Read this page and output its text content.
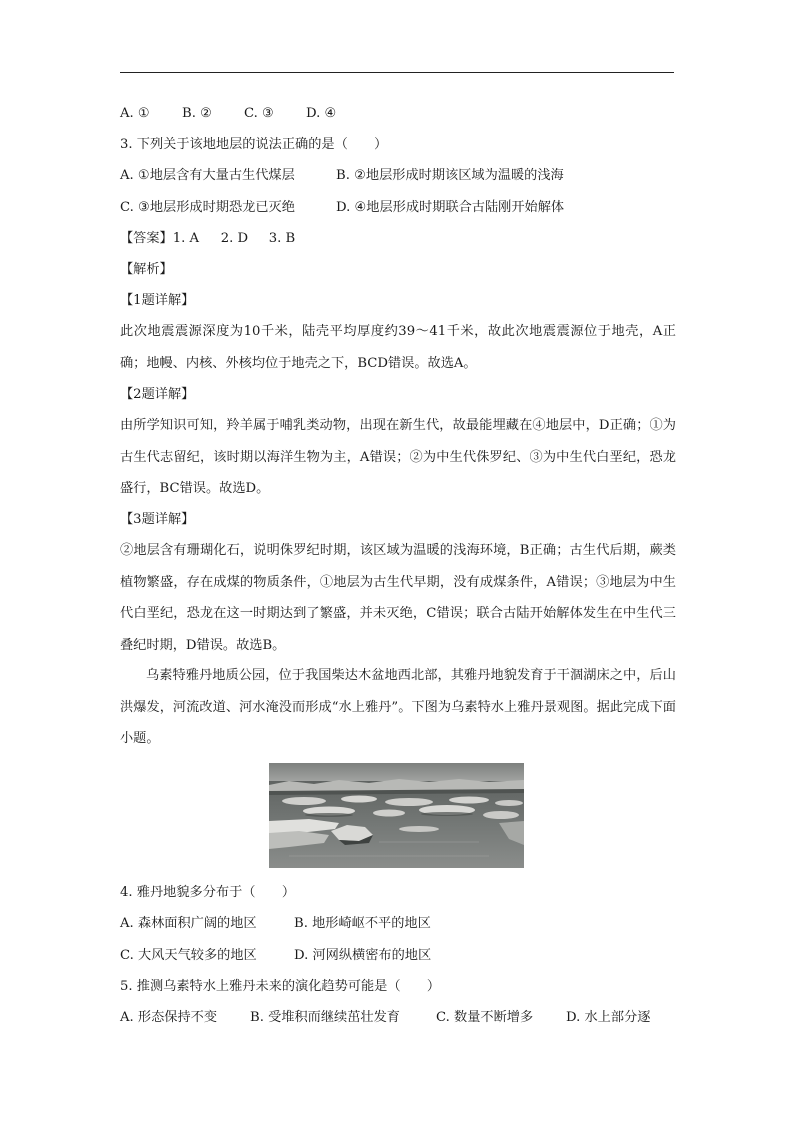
A. ① B. ② C. ③ D. ④
3. 下列关于该地地层的说法正确的是（　　）
A. ①地层含有大量古生代煤层	B. ②地层形成时期该区域为温暖的浅海
C. ③地层形成时期恐龙已灭绝	D. ④地层形成时期联合古陆刚开始解体
【答案】1. A 2. D 3. B
【解析】
【1题详解】
此次地震震源深度为10千米，陆壳平均厚度约39～41千米，故此次地震震源位于地壳，A正确；地幔、内核、外核均位于地壳之下，BCD错误。故选A。
【2题详解】
由所学知识可知，羚羊属于哺乳类动物，出现在新生代，故最能埋藏在④地层中，D正确；①为古生代志留纪，该时期以海洋生物为主，A错误；②为中生代侏罗纪、③为中生代白垩纪，恐龙盛行，BC错误。故选D。
【3题详解】
②地层含有珊瑚化石，说明侏罗纪时期，该区域为温暖的浅海环境，B正确；古生代后期，蕨类植物繁盛，存在成煤的物质条件，①地层为古生代早期，没有成煤条件，A错误；③地层为中生代白垩纪，恐龙在这一时期达到了繁盛，并未灭绝，C错误；联合古陆开始解体发生在中生代三叠纪时期，D错误。故选B。
乌素特雅丹地质公园，位于我国柴达木盆地西北部，其雅丹地貌发育于干涸湖床之中，后山洪爆发，河流改道、河水淹没而形成“水上雅丹”。下图为乌素特水上雅丹景观图。据此完成下面小题。
4. 雅丹地貌多分布于（　　）
A. 森林面积广阔的地区	B. 地形崎岖不平的地区
C. 大风天气较多的地区	D. 河网纵横密布的地区
5. 推测乌素特水上雅丹未来的演化趋势可能是（　　）
A. 形态保持不变 B. 受堆积而继续茁壮发育	C. 数量不断增多 D. 水上部分逐
